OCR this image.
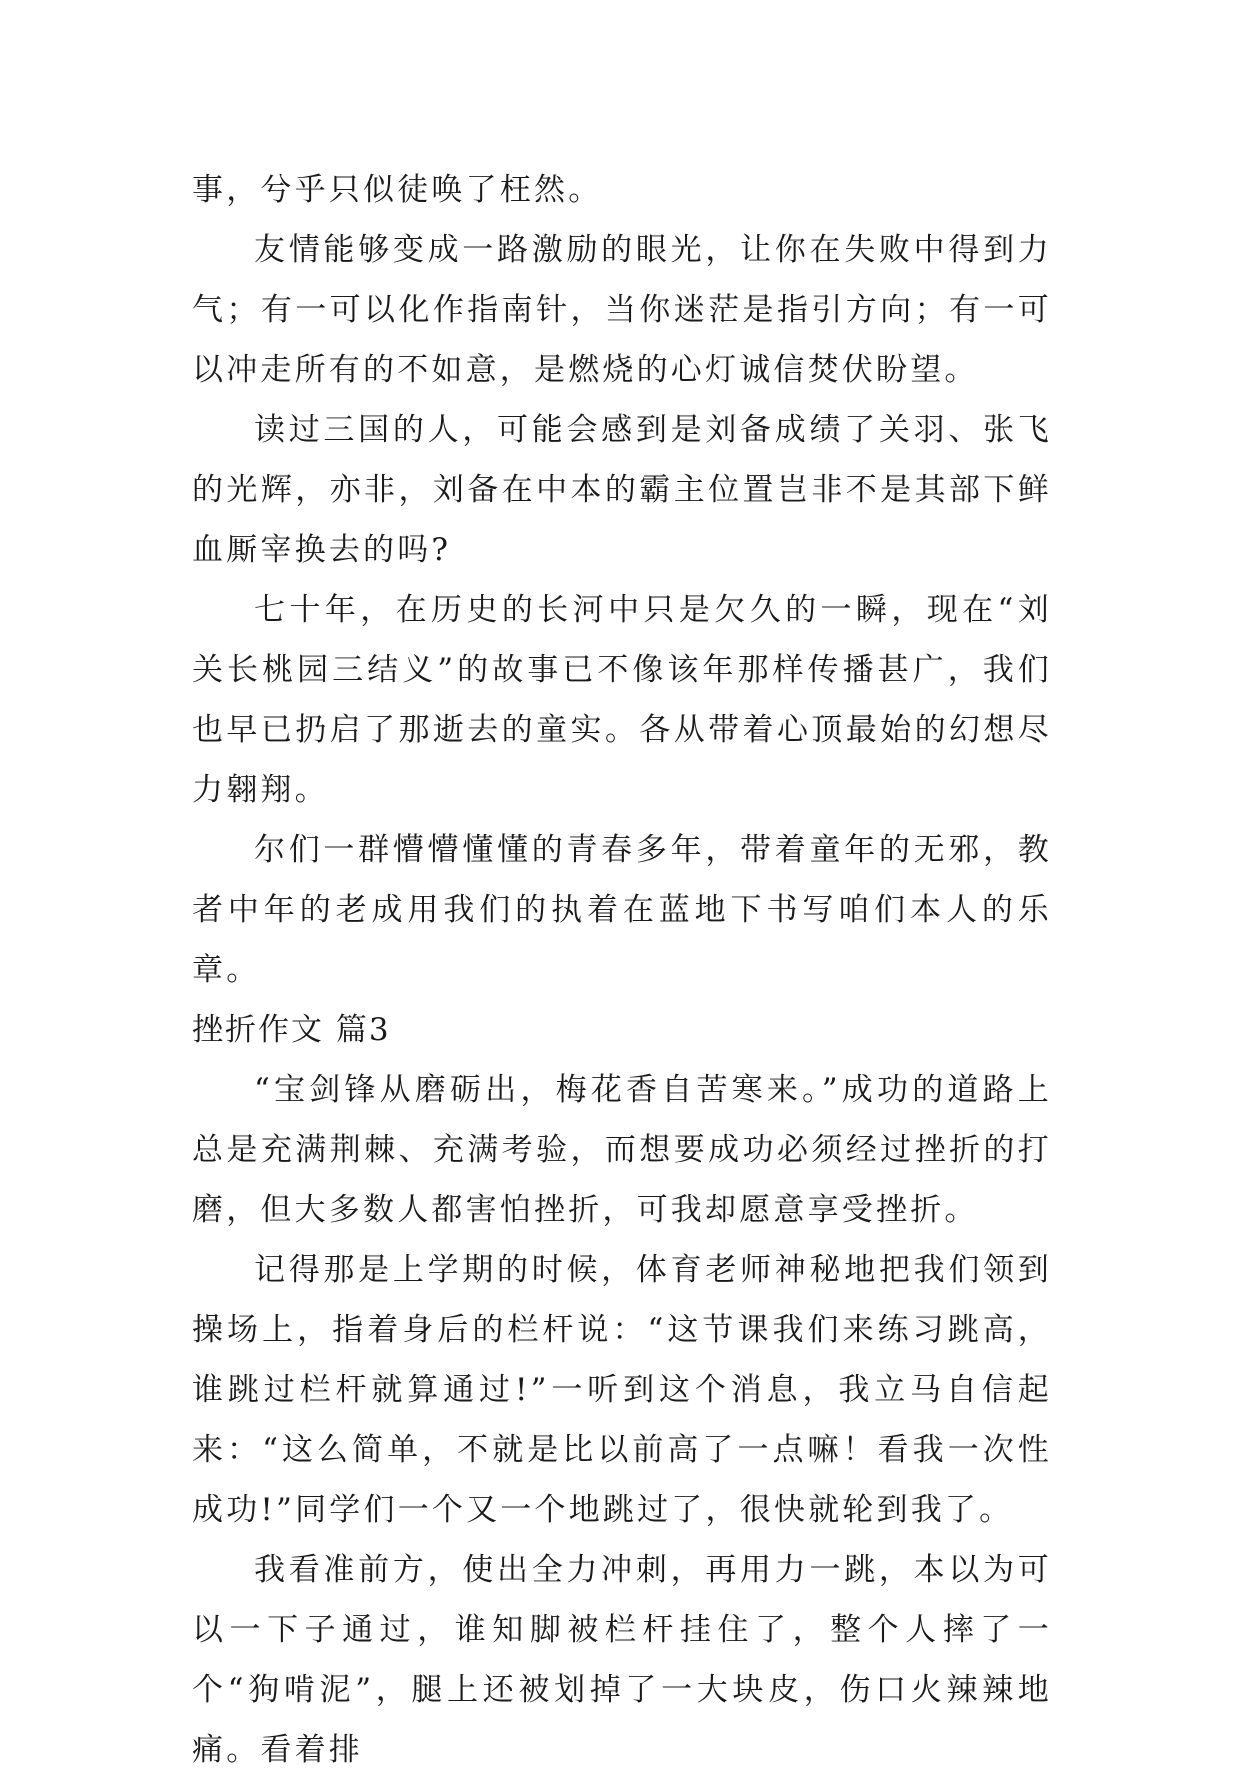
事，兮乎只似徒唤了枉然。

友情能够变成一路激励的眼光，让你在失败中得到力气；有一可以化作指南针，当你迷茫是指引方向；有一可以冲走所有的不如意，是燃烧的心灯诚信焚伏盼望。

读过三国的人，可能会感到是刘备成绩了关羽、张飞的光辉，亦非，刘备在中本的霸主位置岂非不是其部下鲜血厮宰换去的吗?

七十年，在历史的长河中只是欠久的一瞬，现在“刘关长桃园三结义”的故事已不像该年那样传播甚广，我们也早已扔启了那逝去的童实。各从带着心顶最始的幻想尽力翱翔。

尔们一群懵懵懂懂的青春多年，带着童年的无邪，教者中年的老成用我们的执着在蓝地下书写咱们本人的乐章。

挫折作文 篇3

“宝剑锋从磨砺出，梅花香自苦寒来。”成功的道路上总是充满荆棘、充满考验，而想要成功必须经过挫折的打磨，但大多数人都害怕挫折，可我却愿意享受挫折。

记得那是上学期的时候，体育老师神秘地把我们领到操场上，指着身后的栏杆说：“这节课我们来练习跳高，谁跳过栏杆就算通过!”一听到这个消息，我立马自信起来：“这么简单，不就是比以前高了一点嘛！看我一次性成功!”同学们一个又一个地跳过了，很快就轮到我了。

我看准前方，使出全力冲刺，再用力一跳，本以为可以一下子通过，谁知脚被栏杆挂住了，整个人摔了一个“狗啃泥”，腿上还被划掉了一大块皮，伤口火辣辣地痛。看着排
